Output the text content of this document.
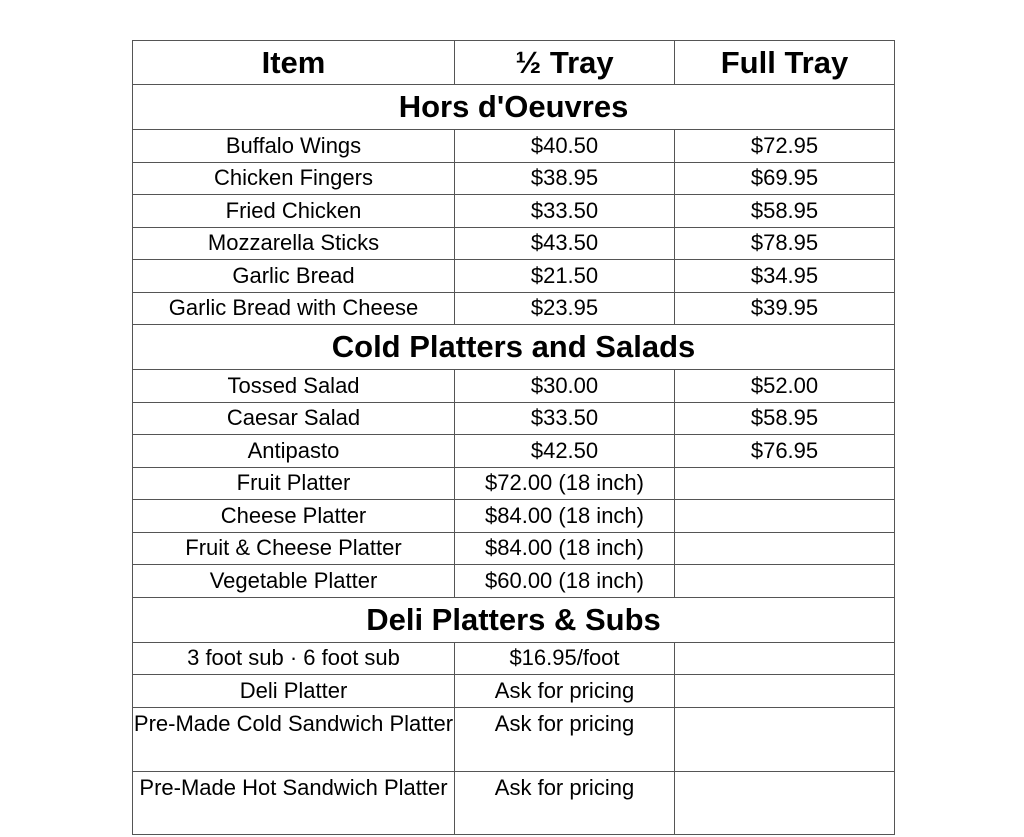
Item	½ Tray	Full Tray
Hors d'Oeuvres		
Buffalo Wings	$40.50	$72.95
Chicken Fingers	$38.95	$69.95
Fried Chicken	$33.50	$58.95
Mozzarella Sticks	$43.50	$78.95
Garlic Bread	$21.50	$34.95
Garlic Bread with Cheese	$23.95	$39.95
Cold Platters and Salads		
Tossed Salad	$30.00	$52.00
Caesar Salad	$33.50	$58.95
Antipasto	$42.50	$76.95
Fruit Platter	$72.00 (18 inch)	
Cheese Platter	$84.00 (18 inch)	
Fruit & Cheese Platter	$84.00 (18 inch)	
Vegetable Platter	$60.00 (18 inch)	
Deli Platters & Subs		
3 foot sub · 6 foot sub	$16.95/foot	
Deli Platter	Ask for pricing	
Pre-Made Cold Sandwich Platter	Ask for pricing	
Pre-Made Hot Sandwich Platter	Ask for pricing	
